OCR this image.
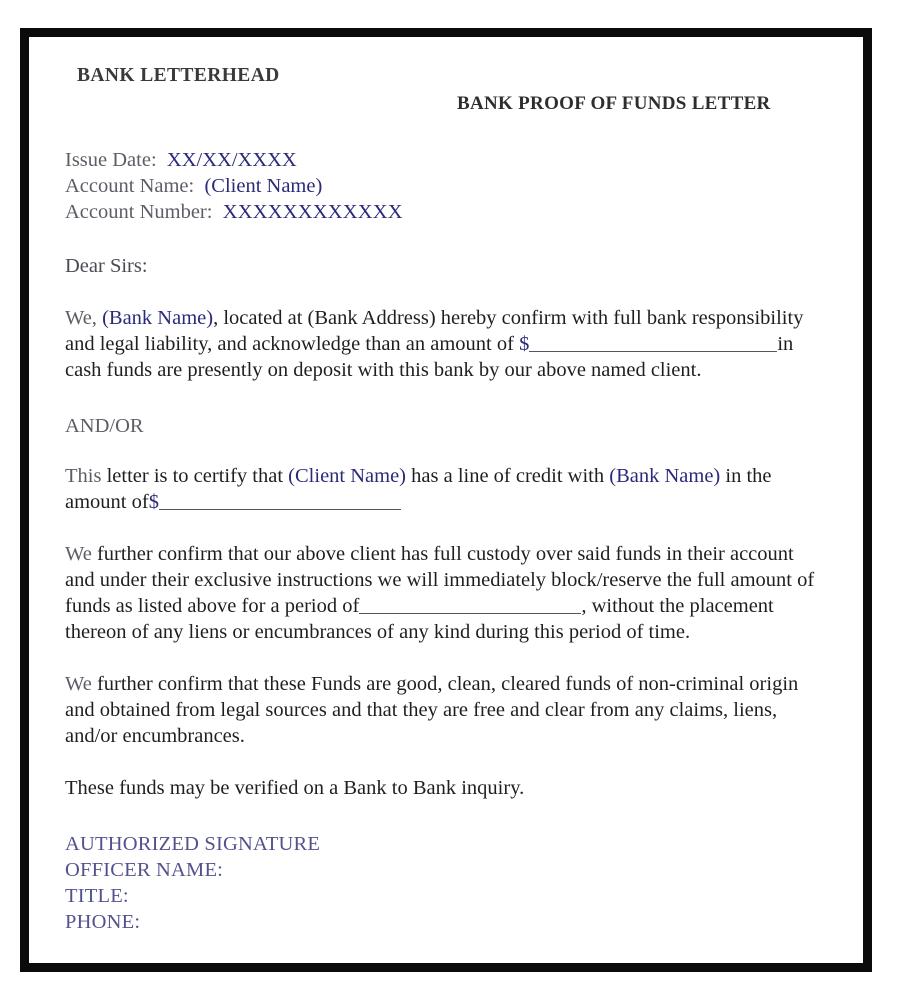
BANK LETTERHEAD
BANK PROOF OF FUNDS LETTER
Issue Date: XX/XX/XXXX
Account Name: (Client Name)
Account Number: XXXXXXXXXXXX
Dear Sirs:
We, (Bank Name), located at (Bank Address) hereby confirm with full bank responsibility and legal liability, and acknowledge than an amount of $	in cash funds are presently on deposit with this bank by our above named client.
AND/OR
This letter is to certify that (Client Name) has a line of credit with (Bank Name) in the amount of$
We further confirm that our above client has full custody over said funds in their account and under their exclusive instructions we will immediately block/reserve the full amount of funds as listed above for a period of	, without the placement thereon of any liens or encumbrances of any kind during this period of time.
We further confirm that these Funds are good, clean, cleared funds of non-criminal origin and obtained from legal sources and that they are free and clear from any claims, liens, and/or encumbrances.
These funds may be verified on a Bank to Bank inquiry.
AUTHORIZED SIGNATURE
OFFICER NAME:
TITLE:
PHONE:
